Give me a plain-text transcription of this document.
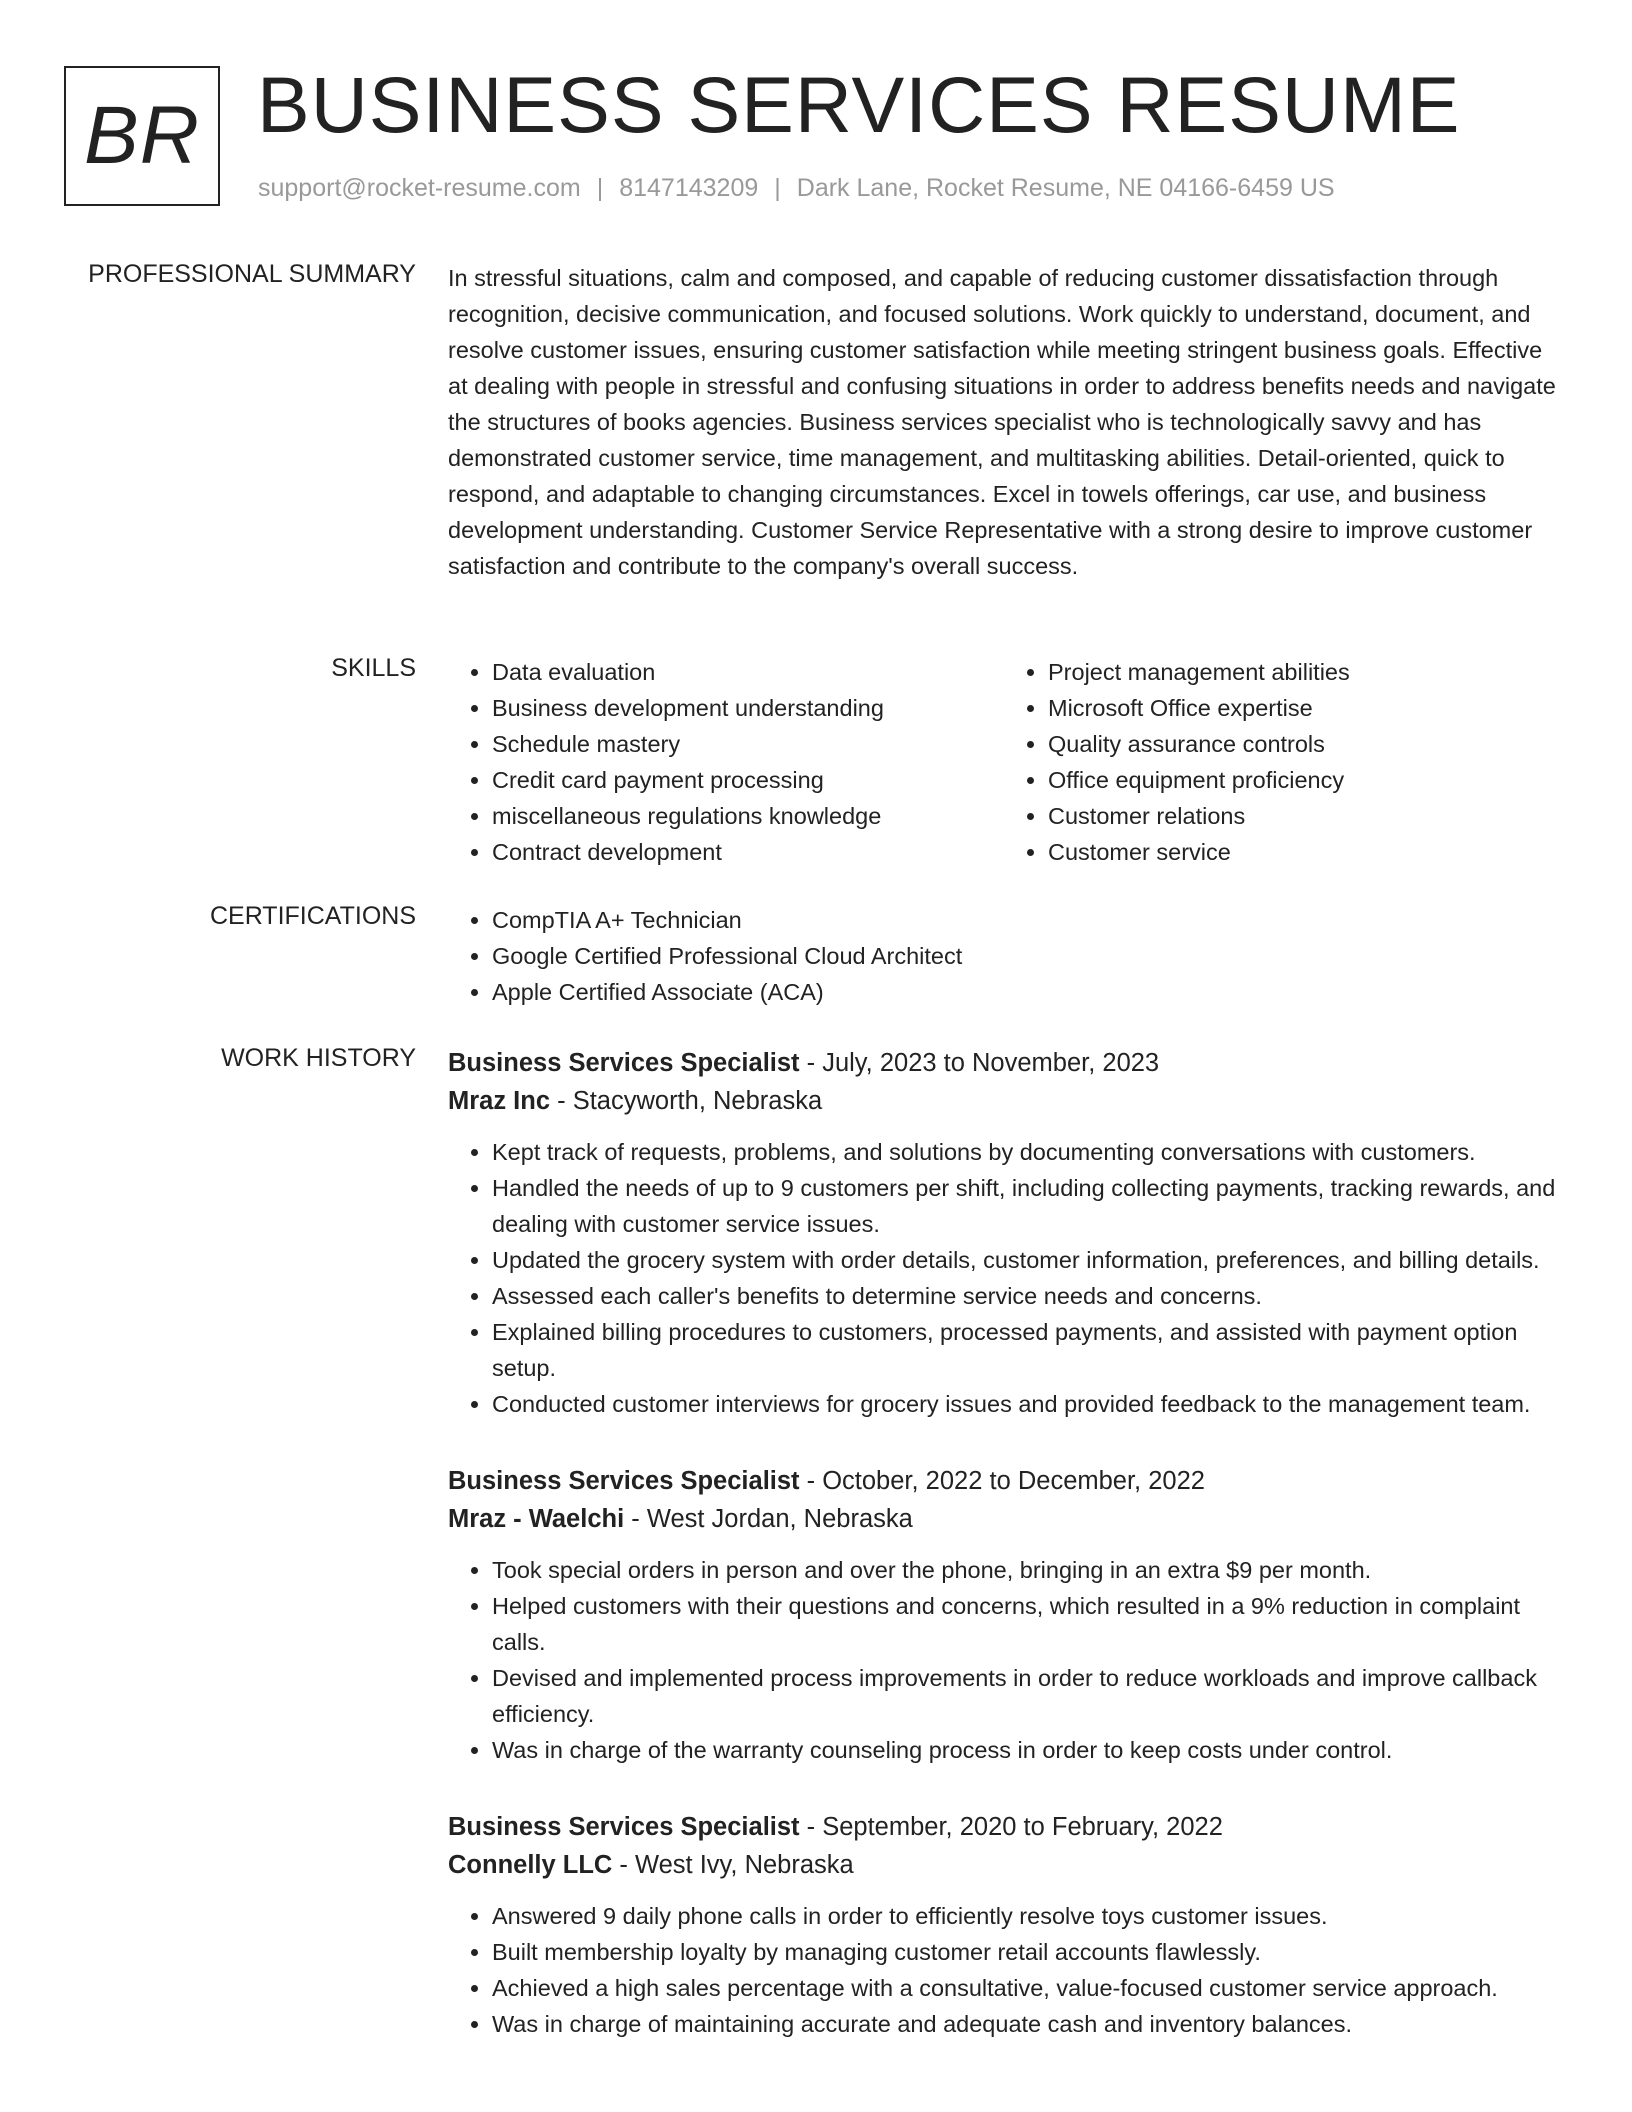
BR BUSINESS SERVICES RESUME
support@rocket-resume.com | 8147143209 | Dark Lane, Rocket Resume, NE 04166-6459 US
PROFESSIONAL SUMMARY In stressful situations, calm and composed, and capable of reducing customer dissatisfaction through recognition, decisive communication, and focused solutions. Work quickly to understand, document, and resolve customer issues, ensuring customer satisfaction while meeting stringent business goals. Effective at dealing with people in stressful and confusing situations in order to address benefits needs and navigate the structures of books agencies. Business services specialist who is technologically savvy and has demonstrated customer service, time management, and multitasking abilities. Detail-oriented, quick to respond, and adaptable to changing circumstances. Excel in towels offerings, car use, and business development understanding. Customer Service Representative with a strong desire to improve customer satisfaction and contribute to the company's overall success.

SKILLS	• Data evaluation
• Business development understanding
• Schedule mastery
• Credit card payment processing
• miscellaneous regulations knowledge
• Contract development
• Project management abilities
• Microsoft Office expertise
• Quality assurance controls
• Office equipment proficiency
• Customer relations
• Customer service
CERTIFICATIONS	• CompTIA A+ Technician
• Google Certified Professional Cloud Architect
• Apple Certified Associate (ACA)
WORK HISTORY Business Services Specialist - July, 2023 to November, 2023
Mraz Inc - Stacyworth, Nebraska
• Kept track of requests, problems, and solutions by documenting conversations with customers.
• Handled the needs of up to 9 customers per shift, including collecting payments, tracking rewards, and dealing with customer service issues.
• Updated the grocery system with order details, customer information, preferences, and billing details.
• Assessed each caller's benefits to determine service needs and concerns.
• Explained billing procedures to customers, processed payments, and assisted with payment option setup.
• Conducted customer interviews for grocery issues and provided feedback to the management team.
Business Services Specialist - October, 2022 to December, 2022
Mraz - Waelchi - West Jordan, Nebraska
• Took special orders in person and over the phone, bringing in an extra $9 per month.
• Helped customers with their questions and concerns, which resulted in a 9% reduction in complaint calls.
• Devised and implemented process improvements in order to reduce workloads and improve callback efficiency.
• Was in charge of the warranty counseling process in order to keep costs under control.
Business Services Specialist - September, 2020 to February, 2022
Connelly LLC - West Ivy, Nebraska
• Answered 9 daily phone calls in order to efficiently resolve toys customer issues.
• Built membership loyalty by managing customer retail accounts flawlessly.
• Achieved a high sales percentage with a consultative, value-focused customer service approach.
• Was in charge of maintaining accurate and adequate cash and inventory balances.
